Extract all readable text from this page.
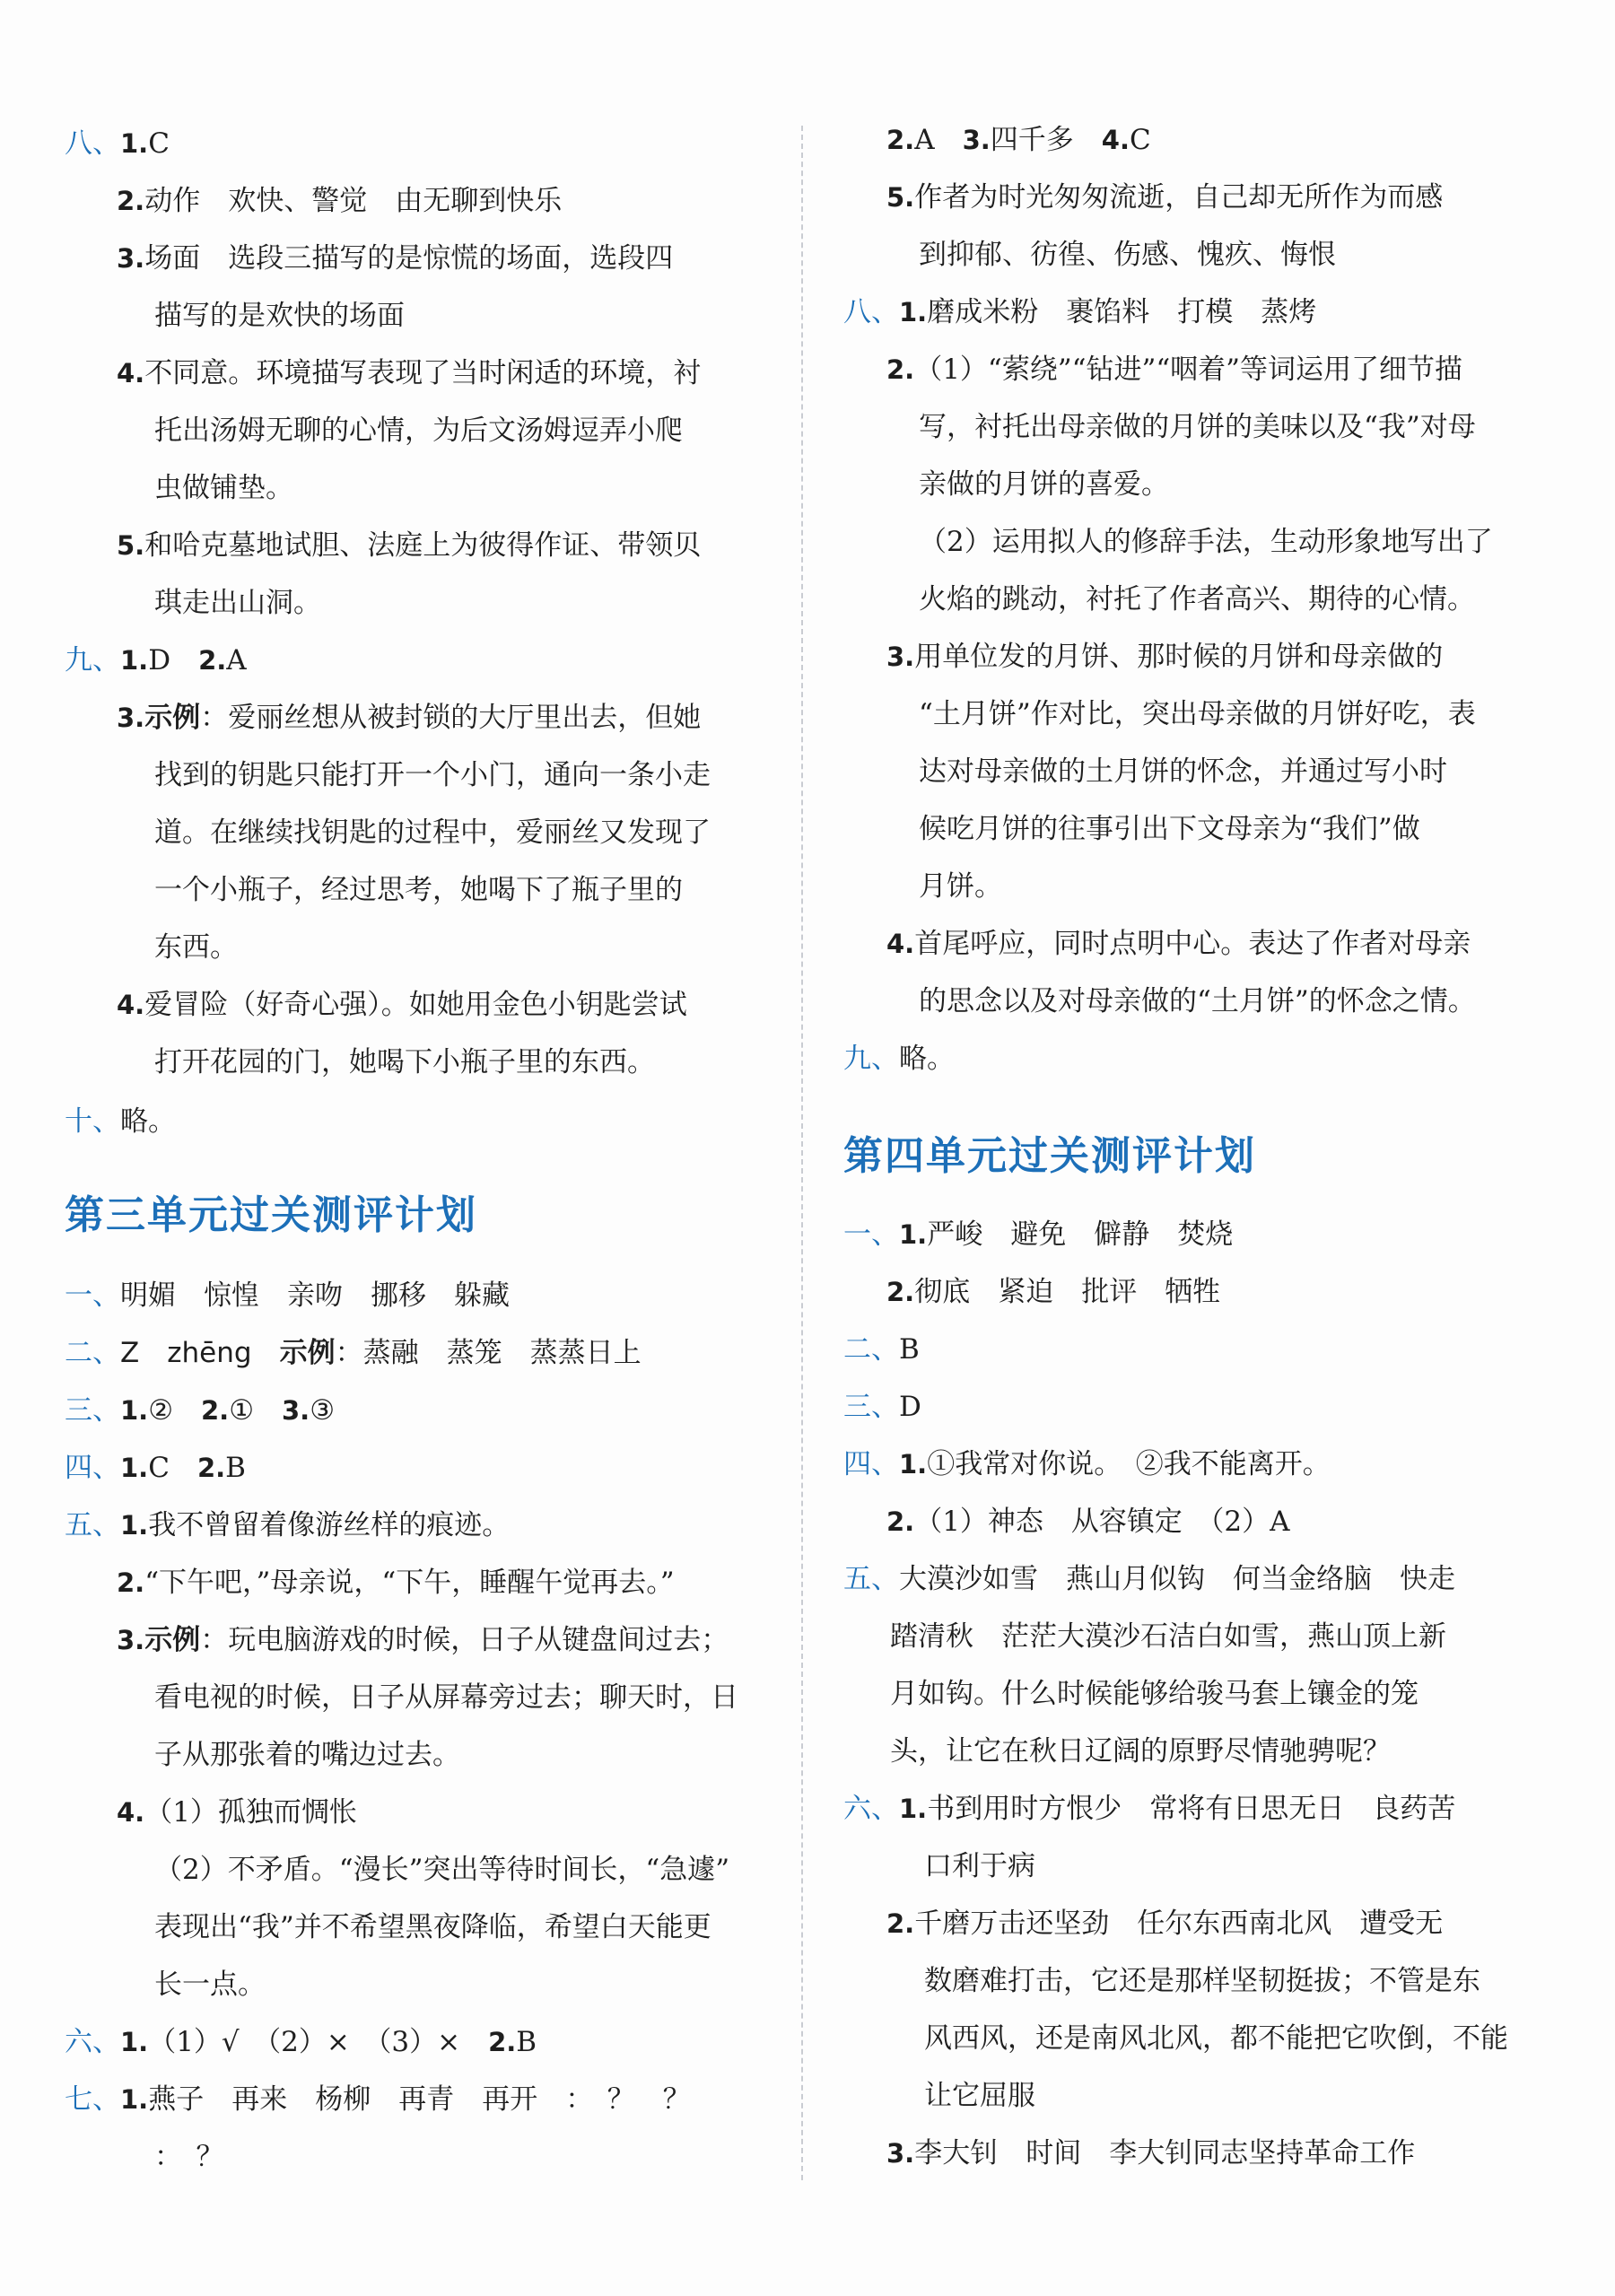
八、1.C
2.动作　欢快、警觉　由无聊到快乐
3.场面　选段三描写的是惊慌的场面，选段四
描写的是欢快的场面
4.不同意。环境描写表现了当时闲适的环境，衬
托出汤姆无聊的心情，为后文汤姆逗弄小爬
虫做铺垫。
5.和哈克墓地试胆、法庭上为彼得作证、带领贝
琪走出山洞。
九、1.D　 2.A
3.示例：爱丽丝想从被封锁的大厅里出去，但她
找到的钥匙只能打开一个小门，通向一条小走
道。在继续找钥匙的过程中，爱丽丝又发现了
一个小瓶子，经过思考，她喝下了瓶子里的
东西。
4.爱冒险（好奇心强）。如她用金色小钥匙尝试
打开花园的门，她喝下小瓶子里的东西。
十、略。
第三单元过关测评计划
一、明媚　惊惶　亲吻　挪移　躲藏
二、Z　zhēng　 示例：蒸融　蒸笼　蒸蒸日上
三、1.②　 2.①　 3.③
四、1.C　 2.B
五、1.我不曾留着像游丝样的痕迹。
2.“下午吧，”母亲说，“下午，睡醒午觉再去。”
3.示例：玩电脑游戏的时候，日子从键盘间过去；
看电视的时候，日子从屏幕旁过去；聊天时，日
子从那张着的嘴边过去。
4.（1）孤独而惆怅
（2）不矛盾。“漫长”突出等待时间长，“急遽”
表现出“我”并不希望黑夜降临，希望白天能更
长一点。
六、1.（1）√　（2）×　（3）×　2.B
七、1.燕子　再来　杨柳　再青　再开　：　？　？
：　？
2.A　 3.四千多　 4.C
5.作者为时光匆匆流逝，自己却无所作为而感
到抑郁、彷徨、伤感、愧疚、悔恨
八、1.磨成米粉　裹馅料　打模　蒸烤
2.（1）“萦绕”“钻进”“咽着”等词运用了细节描
写，衬托出母亲做的月饼的美味以及“我”对母
亲做的月饼的喜爱。
（2）运用拟人的修辞手法，生动形象地写出了
火焰的跳动，衬托了作者高兴、期待的心情。
3.用单位发的月饼、那时候的月饼和母亲做的
“土月饼”作对比，突出母亲做的月饼好吃，表
达对母亲做的土月饼的怀念，并通过写小时
候吃月饼的往事引出下文母亲为“我们”做
月饼。
4.首尾呼应，同时点明中心。表达了作者对母亲
的思念以及对母亲做的“土月饼”的怀念之情。
九、略。
第四单元过关测评计划
一、1.严峻　避免　僻静　焚烧
2.彻底　紧迫　批评　牺牲
二、B
三、D
四、1.①我常对你说。　②我不能离开。
2.（1）神态　从容镇定　（2）A
五、大漠沙如雪　燕山月似钩　何当金络脑　快走
踏清秋　茫茫大漠沙石洁白如雪，燕山顶上新
月如钩。什么时候能够给骏马套上镶金的笼
头，让它在秋日辽阔的原野尽情驰骋呢？
六、1.书到用时方恨少　常将有日思无日　良药苦
口利于病
2.千磨万击还坚劲　任尔东西南北风　遭受无
数磨难打击，它还是那样坚韧挺拔；不管是东
风西风，还是南风北风，都不能把它吹倒，不能
让它屈服
3.李大钊　时间　李大钊同志坚持革命工作
